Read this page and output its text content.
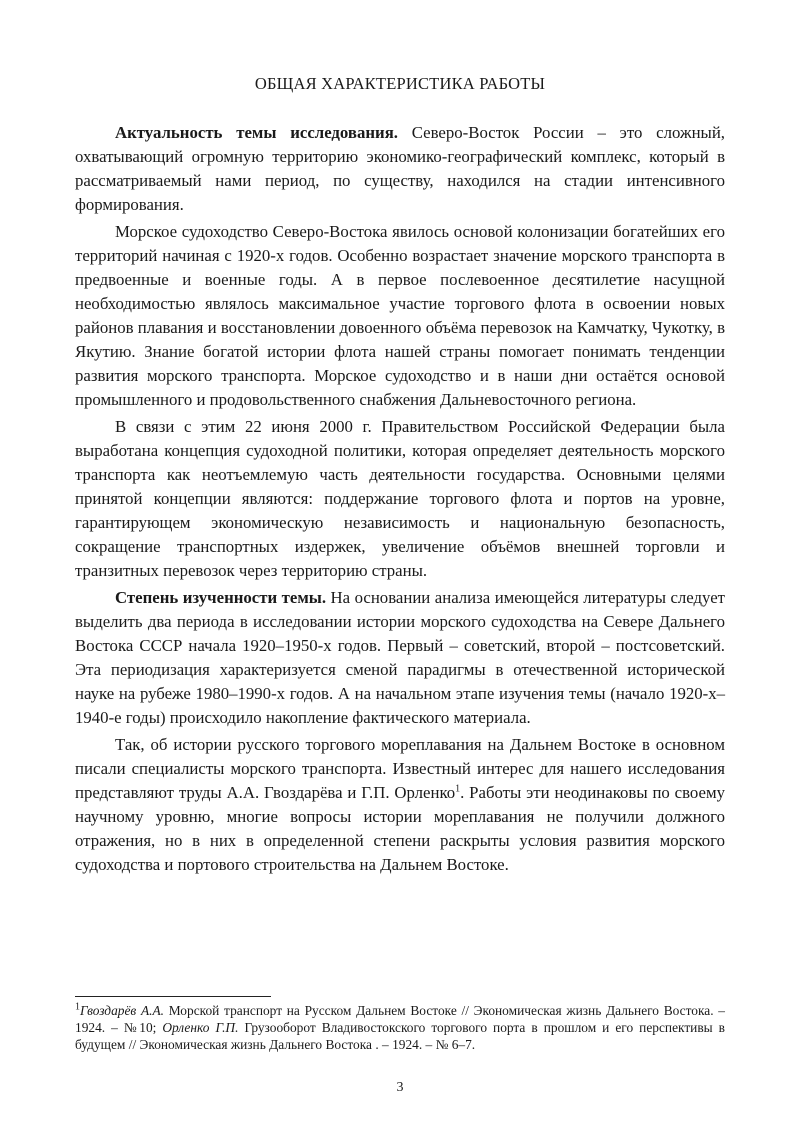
ОБЩАЯ ХАРАКТЕРИСТИКА РАБОТЫ

Актуальность темы исследования. Северо-Восток России – это сложный, охватывающий огромную территорию экономико-географический комплекс, который в рассматриваемый нами период, по существу, находился на стадии интенсивного формирования.

Морское судоходство Северо-Востока явилось основой колонизации богатейших его территорий начиная с 1920-х годов. Особенно возрастает значение морского транспорта в предвоенные и военные годы. А в первое послевоенное десятилетие насущной необходимостью являлось максимальное участие торгового флота в освоении новых районов плавания и восстановлении довоенного объёма перевозок на Камчатку, Чукотку, в Якутию. Знание богатой истории флота нашей страны помогает понимать тенденции развития морского транспорта. Морское судоходство и в наши дни остаётся основой промышленного и продовольственного снабжения Дальневосточного региона.

В связи с этим 22 июня 2000 г. Правительством Российской Федерации была выработана концепция судоходной политики, которая определяет деятельность морского транспорта как неотъемлемую часть деятельности государства. Основными целями принятой концепции являются: поддержание торгового флота и портов на уровне, гарантирующем экономическую независимость и национальную безопасность, сокращение транспортных издержек, увеличение объёмов внешней торговли и транзитных перевозок через территорию страны.

Степень изученности темы. На основании анализа имеющейся литературы следует выделить два периода в исследовании истории морского судоходства на Севере Дальнего Востока СССР начала 1920–1950-х годов. Первый – советский, второй – постсоветский. Эта периодизация характеризуется сменой парадигмы в отечественной исторической науке на рубеже 1980–1990-х годов. А на начальном этапе изучения темы (начало 1920-х–1940-е годы) происходило накопление фактического материала.

Так, об истории русского торгового мореплавания на Дальнем Востоке в основном писали специалисты морского транспорта. Известный интерес для нашего исследования представляют труды А.А. Гвоздарёва и Г.П. Орленко$^1$. Работы эти неодинаковы по своему научному уровню, многие вопросы истории мореплавания не получили должного отражения, но в них в определенной степени раскрыты условия развития морского судоходства и портового строительства на Дальнем Востоке.

$^1$Гвоздарёв А.А. Морской транспорт на Русском Дальнем Востоке // Экономическая жизнь Дальнего Востока. – 1924. – №10; Орленко Г.П. Грузооборот Владивостокского торгового порта в прошлом и его перспективы в будущем // Экономическая жизнь Дальнего Востока . – 1924. – № 6–7.
3
